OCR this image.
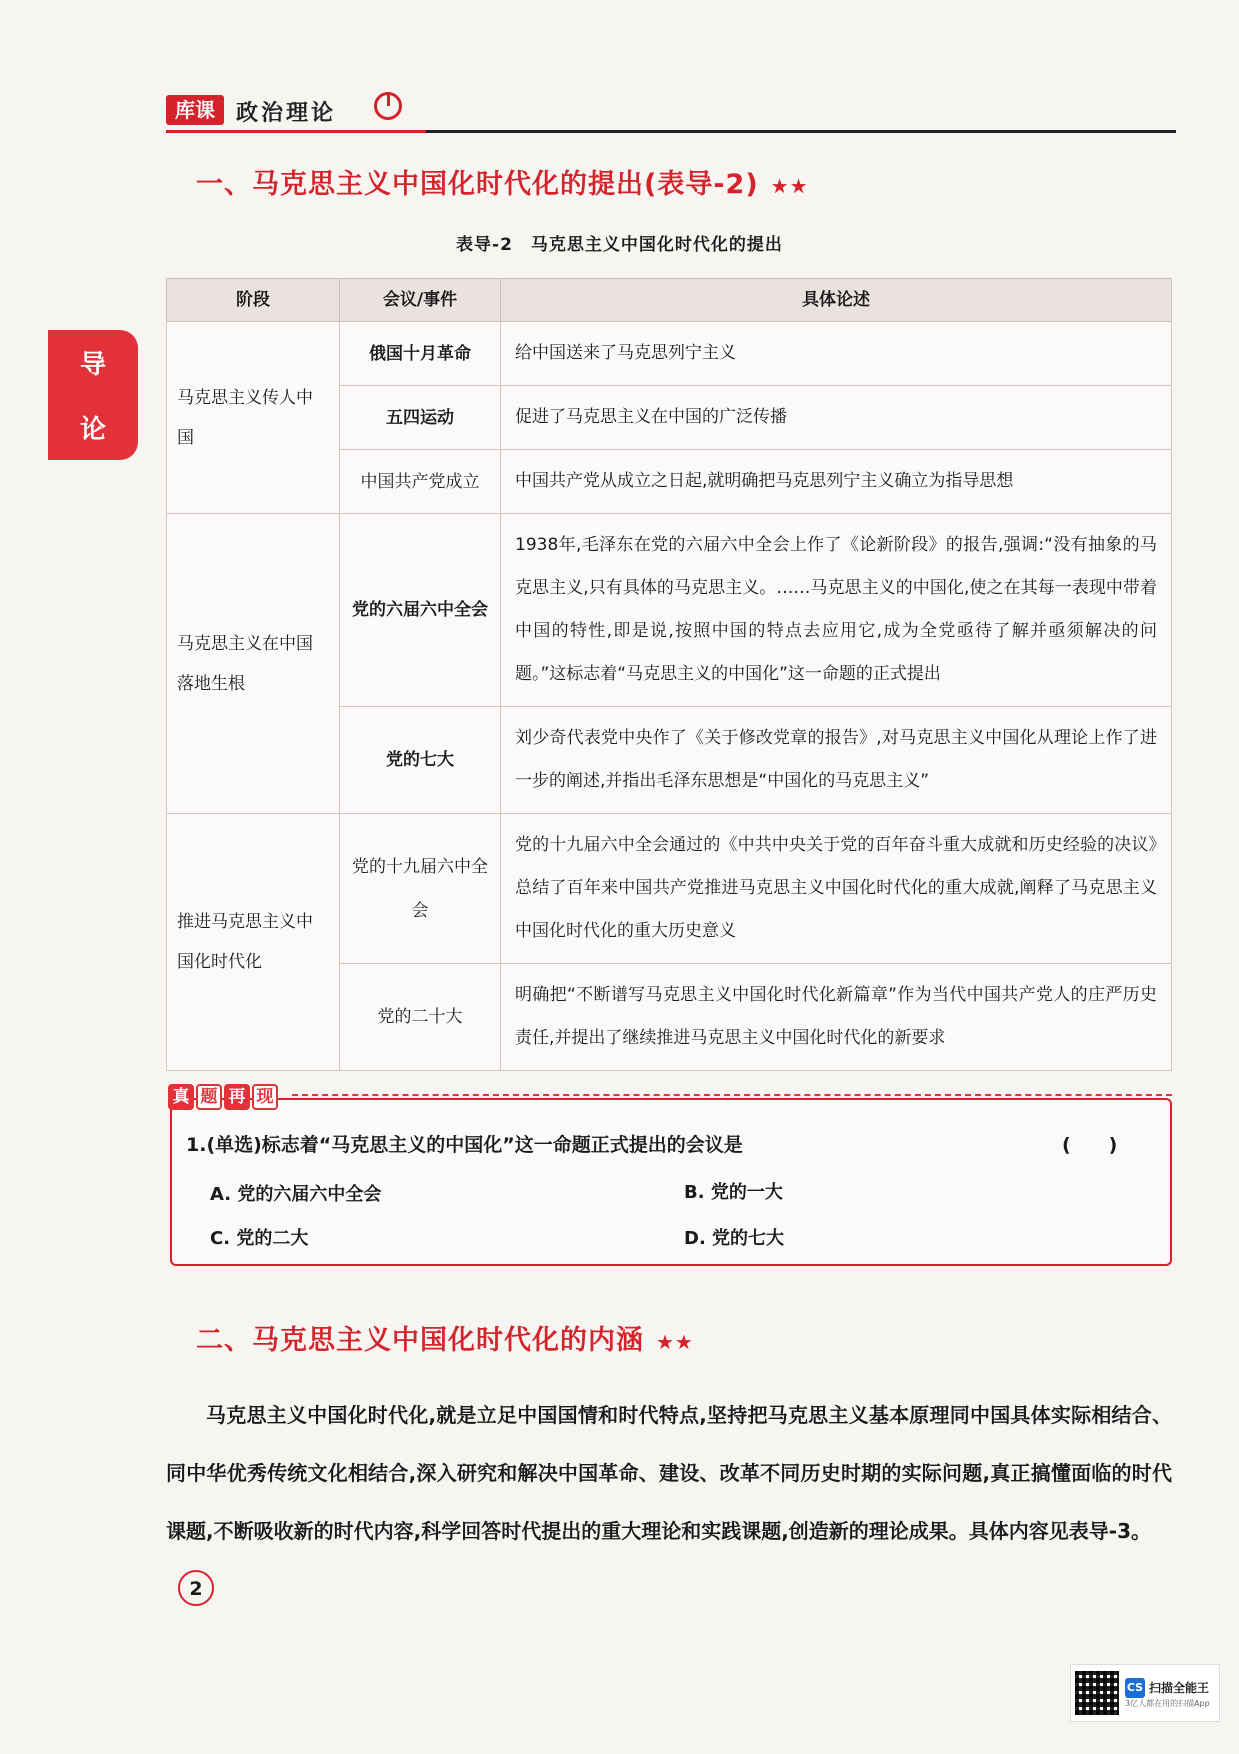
库课 政治理论
导
论
一、马克思主义中国化时代化的提出(表导-2) ★★
表导-2　马克思主义中国化时代化的提出
阶段	会议/事件	具体论述
马克思主义传人中国	俄国十月革命	给中国送来了马克思列宁主义
	五四运动	促进了马克思主义在中国的广泛传播
	中国共产党成立	中国共产党从成立之日起,就明确把马克思列宁主义确立为指导思想
马克思主义在中国落地生根	党的六届六中全会	1938年,毛泽东在党的六届六中全会上作了《论新阶段》的报告,强调:“没有抽象的马克思主义,只有具体的马克思主义。……马克思主义的中国化,使之在其每一表现中带着中国的特性,即是说,按照中国的特点去应用它,成为全党亟待了解并亟须解决的问题。”这标志着“马克思主义的中国化”这一命题的正式提出
	党的七大	刘少奇代表党中央作了《关于修改党章的报告》,对马克思主义中国化从理论上作了进一步的阐述,并指出毛泽东思想是“中国化的马克思主义”
推进马克思主义中国化时代化	党的十九届六中全会	党的十九届六中全会通过的《中共中央关于党的百年奋斗重大成就和历史经验的决议》总结了百年来中国共产党推进马克思主义中国化时代化的重大成就,阐释了马克思主义中国化时代化的重大历史意义
	党的二十大	明确把“不断谱写马克思主义中国化时代化新篇章”作为当代中国共产党人的庄严历史责任,并提出了继续推进马克思主义中国化时代化的新要求
真 题 再 现
1.(单选)标志着“马克思主义的中国化”这一命题正式提出的会议是	(　　)
A. 党的六届六中全会	B. 党的一大
C. 党的二大	D. 党的七大
二、马克思主义中国化时代化的内涵 ★★
马克思主义中国化时代化,就是立足中国国情和时代特点,坚持把马克思主义基本原理同中国具体实际相结合、同中华优秀传统文化相结合,深入研究和解决中国革命、建设、改革不同历史时期的实际问题,真正搞懂面临的时代课题,不断吸收新的时代内容,科学回答时代提出的重大理论和实践课题,创造新的理论成果。具体内容见表导-3。
2
CS 扫描全能王
3亿人都在用的扫描App
